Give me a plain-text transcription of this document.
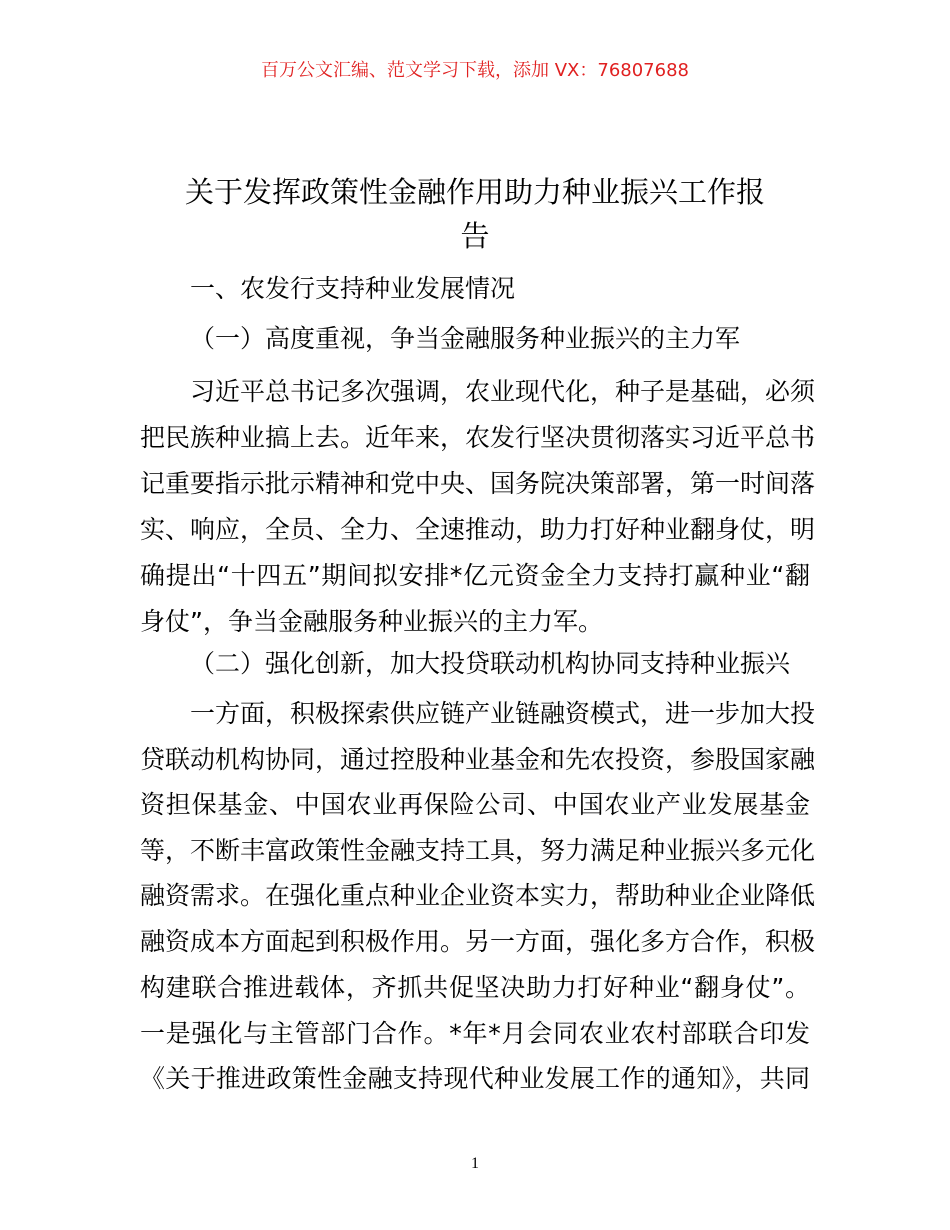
百万公文汇编、范文学习下载，添加 VX：76807688
关于发挥政策性金融作用助力种业振兴工作报
告
一、农发行支持种业发展情况
（一）高度重视，争当金融服务种业振兴的主力军
习近平总书记多次强调，农业现代化，种子是基础，必须
把民族种业搞上去。近年来，农发行坚决贯彻落实习近平总书
记重要指示批示精神和党中央、国务院决策部署，第一时间落
实、响应，全员、全力、全速推动，助力打好种业翻身仗，明
确提出“十四五”期间拟安排*亿元资金全力支持打赢种业“翻
身仗”，争当金融服务种业振兴的主力军。
（二）强化创新，加大投贷联动机构协同支持种业振兴
一方面，积极探索供应链产业链融资模式，进一步加大投
贷联动机构协同，通过控股种业基金和先农投资，参股国家融
资担保基金、中国农业再保险公司、中国农业产业发展基金
等，不断丰富政策性金融支持工具，努力满足种业振兴多元化
融资需求。在强化重点种业企业资本实力，帮助种业企业降低
融资成本方面起到积极作用。另一方面，强化多方合作，积极
构建联合推进载体，齐抓共促坚决助力打好种业“翻身仗”。
一是强化与主管部门合作。*年*月会同农业农村部联合印发
《关于推进政策性金融支持现代种业发展工作的通知》，共同
1
